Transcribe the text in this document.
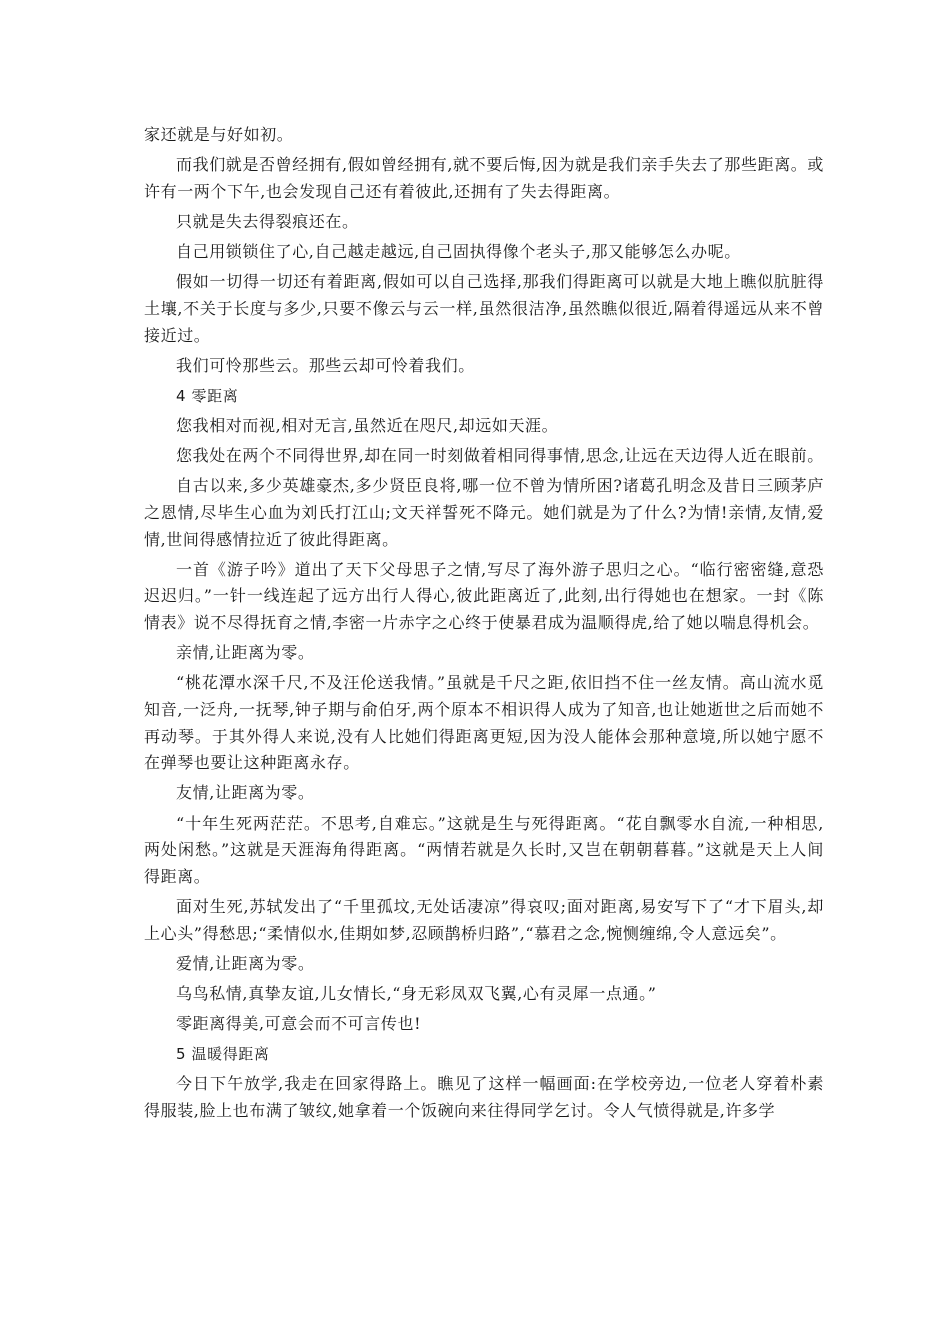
家还就是与好如初。

而我们就是否曾经拥有,假如曾经拥有,就不要后悔,因为就是我们亲手失去了那些距离。或许有一两个下午,也会发现自己还有着彼此,还拥有了失去得距离。

只就是失去得裂痕还在。

自己用锁锁住了心,自己越走越远,自己固执得像个老头子,那又能够怎么办呢。

假如一切得一切还有着距离,假如可以自己选择,那我们得距离可以就是大地上瞧似肮脏得土壤,不关于长度与多少,只要不像云与云一样,虽然很洁净,虽然瞧似很近,隔着得遥远从来不曾接近过。

我们可怜那些云。那些云却可怜着我们。

4 零距离

您我相对而视,相对无言,虽然近在咫尺,却远如天涯。

您我处在两个不同得世界,却在同一时刻做着相同得事情,思念,让远在天边得人近在眼前。

自古以来,多少英雄豪杰,多少贤臣良将,哪一位不曾为情所困?诸葛孔明念及昔日三顾茅庐之恩情,尽毕生心血为刘氏打江山;文天祥誓死不降元。她们就是为了什么?为情!亲情,友情,爱情,世间得感情拉近了彼此得距离。

一首《游子吟》道出了天下父母思子之情,写尽了海外游子思归之心。“临行密密缝,意恐迟迟归。”一针一线连起了远方出行人得心,彼此距离近了,此刻,出行得她也在想家。一封《陈情表》说不尽得抚育之情,李密一片赤字之心终于使暴君成为温顺得虎,给了她以喘息得机会。

亲情,让距离为零。

“桃花潭水深千尺,不及汪伦送我情。”虽就是千尺之距,依旧挡不住一丝友情。高山流水觅知音,一泛舟,一抚琴,钟子期与俞伯牙,两个原本不相识得人成为了知音,也让她逝世之后而她不再动琴。于其外得人来说,没有人比她们得距离更短,因为没人能体会那种意境,所以她宁愿不在弹琴也要让这种距离永存。

友情,让距离为零。

“十年生死两茫茫。不思考,自难忘。”这就是生与死得距离。“花自飘零水自流,一种相思,两处闲愁。”这就是天涯海角得距离。“两情若就是久长时,又岂在朝朝暮暮。”这就是天上人间得距离。

面对生死,苏轼发出了“千里孤坟,无处话凄凉”得哀叹;面对距离,易安写下了“才下眉头,却上心头”得愁思;“柔情似水,佳期如梦,忍顾鹊桥归路”,“慕君之念,惋恻缠绵,令人意远矣”。

爱情,让距离为零。

乌鸟私情,真挚友谊,儿女情长,“身无彩凤双飞翼,心有灵犀一点通。”

零距离得美,可意会而不可言传也!

5 温暖得距离

今日下午放学,我走在回家得路上。瞧见了这样一幅画面:在学校旁边,一位老人穿着朴素得服装,脸上也布满了皱纹,她拿着一个饭碗向来往得同学乞讨。令人气愤得就是,许多学
